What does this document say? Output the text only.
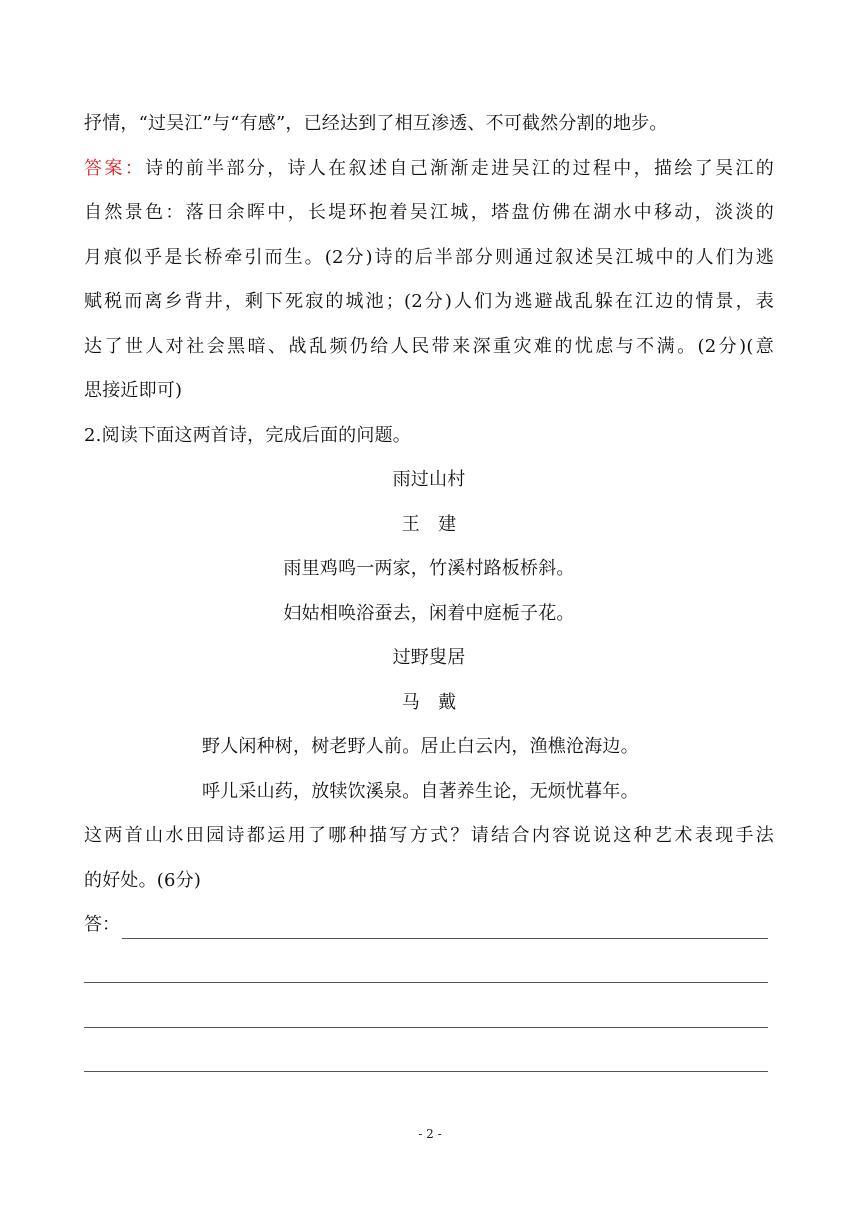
抒情，“过吴江”与“有感”，已经达到了相互渗透、不可截然分割的地步。
答案：诗的前半部分，诗人在叙述自己渐渐走进吴江的过程中，描绘了吴江的
自然景色：落日余晖中，长堤环抱着吴江城，塔盘仿佛在湖水中移动，淡淡的
月痕似乎是长桥牵引而生。(2分)诗的后半部分则通过叙述吴江城中的人们为逃
赋税而离乡背井，剩下死寂的城池；(2分)人们为逃避战乱躲在江边的情景，表
达了世人对社会黑暗、战乱频仍给人民带来深重灾难的忧虑与不满。(2分)(意
思接近即可)
2.阅读下面这两首诗，完成后面的问题。
雨过山村
王　建
雨里鸡鸣一两家，竹溪村路板桥斜。
妇姑相唤浴蚕去，闲着中庭栀子花。
过野叟居
马　戴
野人闲种树，树老野人前。居止白云内，渔樵沧海边。
呼儿采山药，放犊饮溪泉。自著养生论，无烦忧暮年。
这两首山水田园诗都运用了哪种描写方式？请结合内容说说这种艺术表现手法
的好处。(6分)
答：
- 2 -
